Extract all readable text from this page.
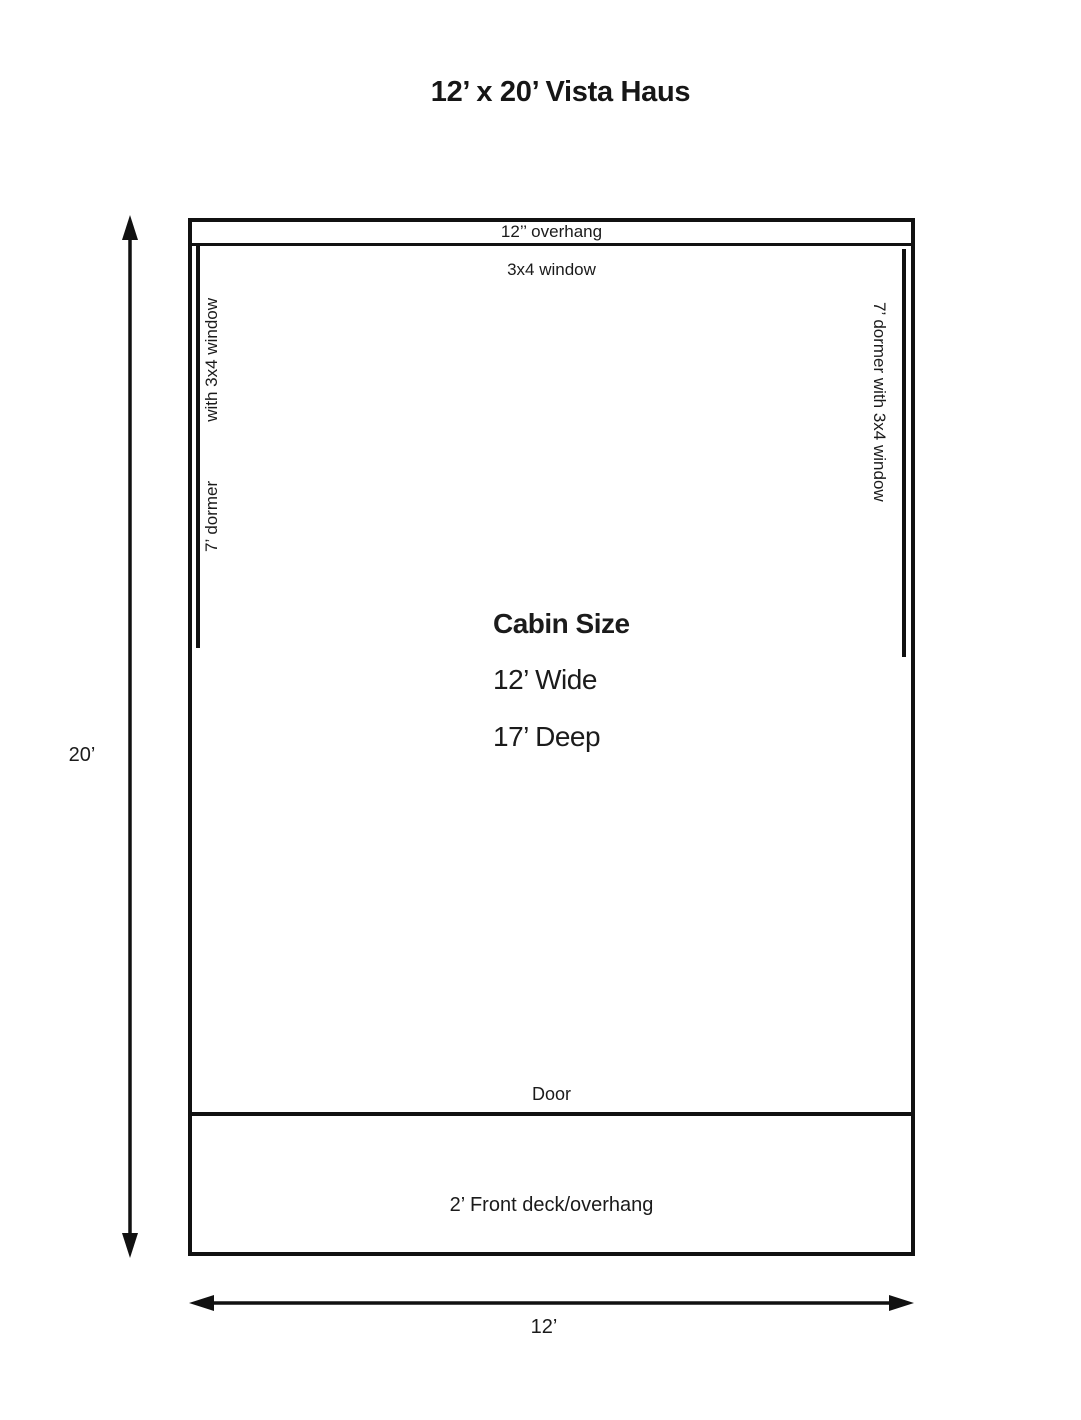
12’ x 20’ Vista Haus
12’’ overhang
3x4 window
Door
2’ Front deck/overhang
7’ dormer
with 3x4 window	7’ dormer with 3x4 window
Cabin Size
12’ Wide
17’ Deep
20’
12’
